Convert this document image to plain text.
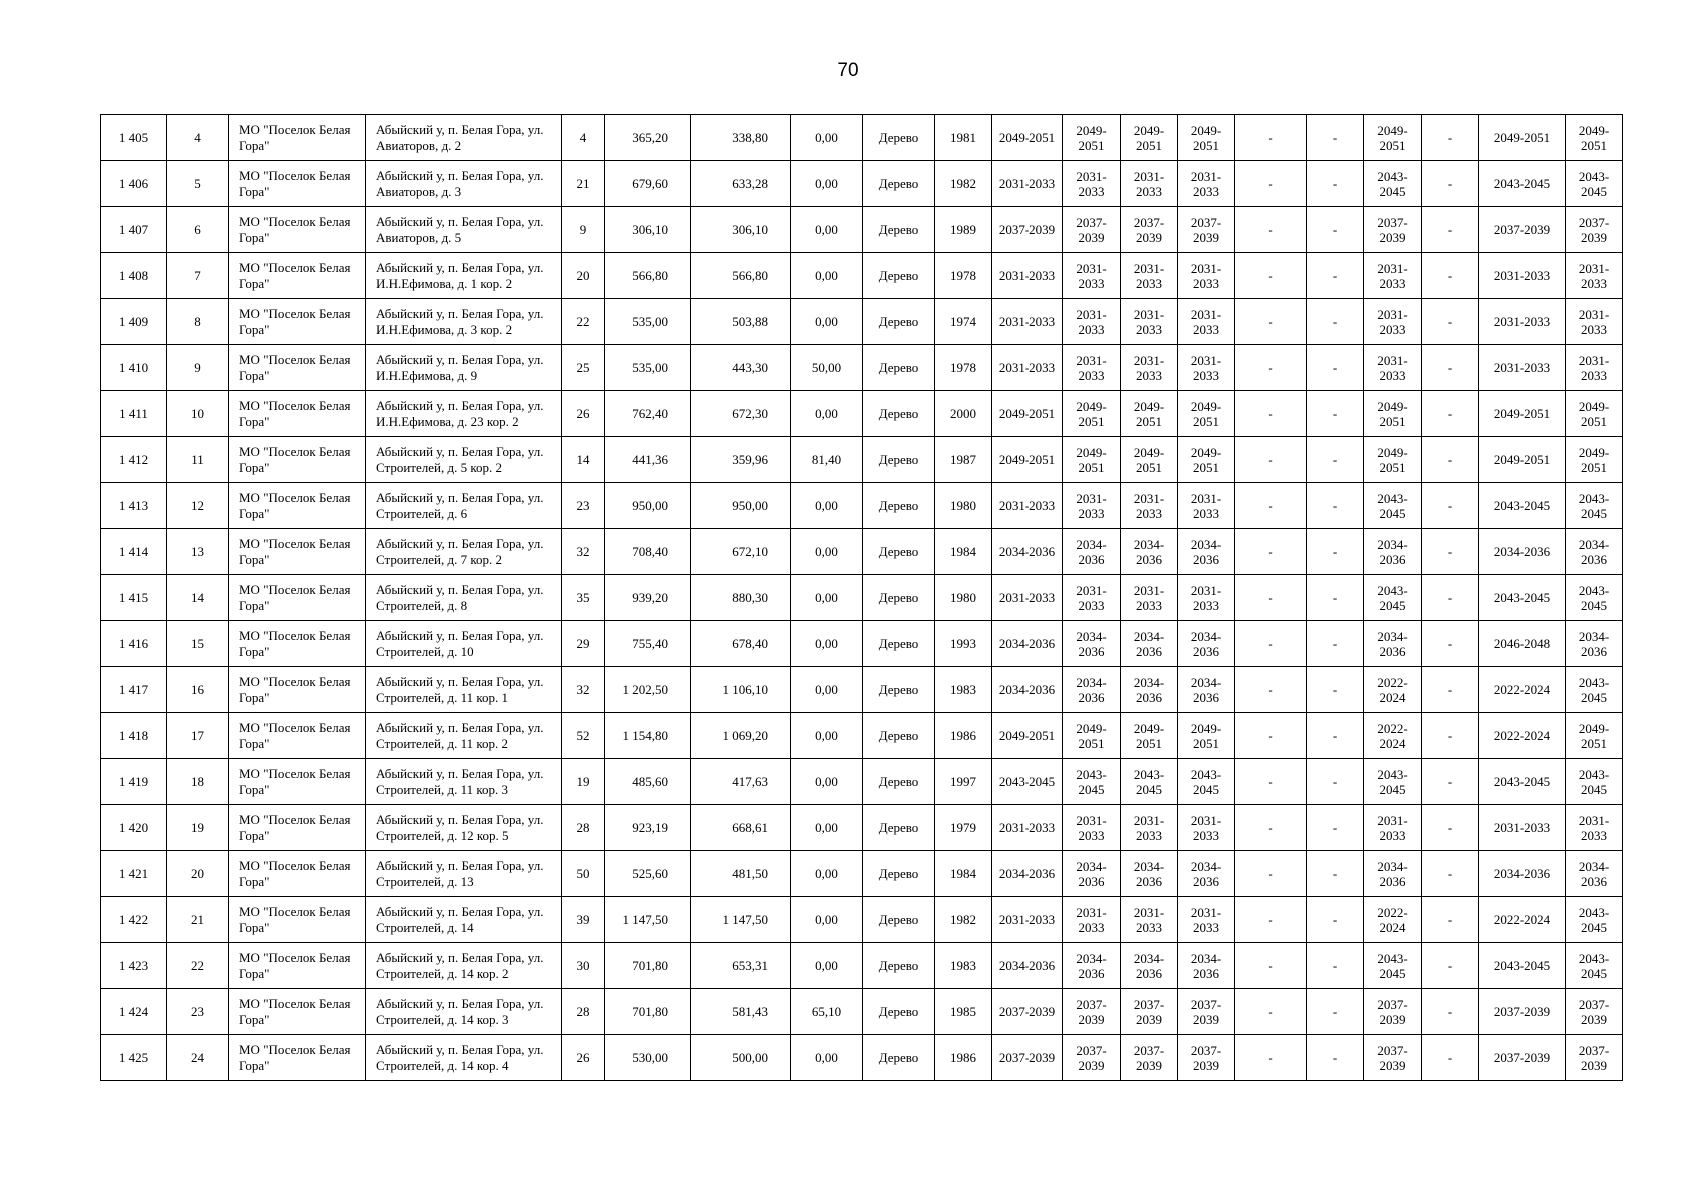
70
1 405	4	МО "Поселок Белая Гора"	Абыйский у, п. Белая Гора, ул. Авиаторов, д. 2	4	365,20	338,80	0,00	Дерево	1981	2049-2051	2049-2051	2049-2051	2049-2051	-	-	2049-2051	-	2049-2051	2049-2051
1 406	5	МО "Поселок Белая Гора"	Абыйский у, п. Белая Гора, ул. Авиаторов, д. 3	21	679,60	633,28	0,00	Дерево	1982	2031-2033	2031-2033	2031-2033	2031-2033	-	-	2043-2045	-	2043-2045	2043-2045
1 407	6	МО "Поселок Белая Гора"	Абыйский у, п. Белая Гора, ул. Авиаторов, д. 5	9	306,10	306,10	0,00	Дерево	1989	2037-2039	2037-2039	2037-2039	2037-2039	-	-	2037-2039	-	2037-2039	2037-2039
1 408	7	МО "Поселок Белая Гора"	Абыйский у, п. Белая Гора, ул. И.Н.Ефимова, д. 1 кор. 2	20	566,80	566,80	0,00	Дерево	1978	2031-2033	2031-2033	2031-2033	2031-2033	-	-	2031-2033	-	2031-2033	2031-2033
1 409	8	МО "Поселок Белая Гора"	Абыйский у, п. Белая Гора, ул. И.Н.Ефимова, д. 3 кор. 2	22	535,00	503,88	0,00	Дерево	1974	2031-2033	2031-2033	2031-2033	2031-2033	-	-	2031-2033	-	2031-2033	2031-2033
1 410	9	МО "Поселок Белая Гора"	Абыйский у, п. Белая Гора, ул. И.Н.Ефимова, д. 9	25	535,00	443,30	50,00	Дерево	1978	2031-2033	2031-2033	2031-2033	2031-2033	-	-	2031-2033	-	2031-2033	2031-2033
1 411	10	МО "Поселок Белая Гора"	Абыйский у, п. Белая Гора, ул. И.Н.Ефимова, д. 23 кор. 2	26	762,40	672,30	0,00	Дерево	2000	2049-2051	2049-2051	2049-2051	2049-2051	-	-	2049-2051	-	2049-2051	2049-2051
1 412	11	МО "Поселок Белая Гора"	Абыйский у, п. Белая Гора, ул. Строителей, д. 5 кор. 2	14	441,36	359,96	81,40	Дерево	1987	2049-2051	2049-2051	2049-2051	2049-2051	-	-	2049-2051	-	2049-2051	2049-2051
1 413	12	МО "Поселок Белая Гора"	Абыйский у, п. Белая Гора, ул. Строителей, д. 6	23	950,00	950,00	0,00	Дерево	1980	2031-2033	2031-2033	2031-2033	2031-2033	-	-	2043-2045	-	2043-2045	2043-2045
1 414	13	МО "Поселок Белая Гора"	Абыйский у, п. Белая Гора, ул. Строителей, д. 7 кор. 2	32	708,40	672,10	0,00	Дерево	1984	2034-2036	2034-2036	2034-2036	2034-2036	-	-	2034-2036	-	2034-2036	2034-2036
1 415	14	МО "Поселок Белая Гора"	Абыйский у, п. Белая Гора, ул. Строителей, д. 8	35	939,20	880,30	0,00	Дерево	1980	2031-2033	2031-2033	2031-2033	2031-2033	-	-	2043-2045	-	2043-2045	2043-2045
1 416	15	МО "Поселок Белая Гора"	Абыйский у, п. Белая Гора, ул. Строителей, д. 10	29	755,40	678,40	0,00	Дерево	1993	2034-2036	2034-2036	2034-2036	2034-2036	-	-	2034-2036	-	2046-2048	2034-2036
1 417	16	МО "Поселок Белая Гора"	Абыйский у, п. Белая Гора, ул. Строителей, д. 11 кор. 1	32	1 202,50	1 106,10	0,00	Дерево	1983	2034-2036	2034-2036	2034-2036	2034-2036	-	-	2022-2024	-	2022-2024	2043-2045
1 418	17	МО "Поселок Белая Гора"	Абыйский у, п. Белая Гора, ул. Строителей, д. 11 кор. 2	52	1 154,80	1 069,20	0,00	Дерево	1986	2049-2051	2049-2051	2049-2051	2049-2051	-	-	2022-2024	-	2022-2024	2049-2051
1 419	18	МО "Поселок Белая Гора"	Абыйский у, п. Белая Гора, ул. Строителей, д. 11 кор. 3	19	485,60	417,63	0,00	Дерево	1997	2043-2045	2043-2045	2043-2045	2043-2045	-	-	2043-2045	-	2043-2045	2043-2045
1 420	19	МО "Поселок Белая Гора"	Абыйский у, п. Белая Гора, ул. Строителей, д. 12 кор. 5	28	923,19	668,61	0,00	Дерево	1979	2031-2033	2031-2033	2031-2033	2031-2033	-	-	2031-2033	-	2031-2033	2031-2033
1 421	20	МО "Поселок Белая Гора"	Абыйский у, п. Белая Гора, ул. Строителей, д. 13	50	525,60	481,50	0,00	Дерево	1984	2034-2036	2034-2036	2034-2036	2034-2036	-	-	2034-2036	-	2034-2036	2034-2036
1 422	21	МО "Поселок Белая Гора"	Абыйский у, п. Белая Гора, ул. Строителей, д. 14	39	1 147,50	1 147,50	0,00	Дерево	1982	2031-2033	2031-2033	2031-2033	2031-2033	-	-	2022-2024	-	2022-2024	2043-2045
1 423	22	МО "Поселок Белая Гора"	Абыйский у, п. Белая Гора, ул. Строителей, д. 14 кор. 2	30	701,80	653,31	0,00	Дерево	1983	2034-2036	2034-2036	2034-2036	2034-2036	-	-	2043-2045	-	2043-2045	2043-2045
1 424	23	МО "Поселок Белая Гора"	Абыйский у, п. Белая Гора, ул. Строителей, д. 14 кор. 3	28	701,80	581,43	65,10	Дерево	1985	2037-2039	2037-2039	2037-2039	2037-2039	-	-	2037-2039	-	2037-2039	2037-2039
1 425	24	МО "Поселок Белая Гора"	Абыйский у, п. Белая Гора, ул. Строителей, д. 14 кор. 4	26	530,00	500,00	0,00	Дерево	1986	2037-2039	2037-2039	2037-2039	2037-2039	-	-	2037-2039	-	2037-2039	2037-2039
